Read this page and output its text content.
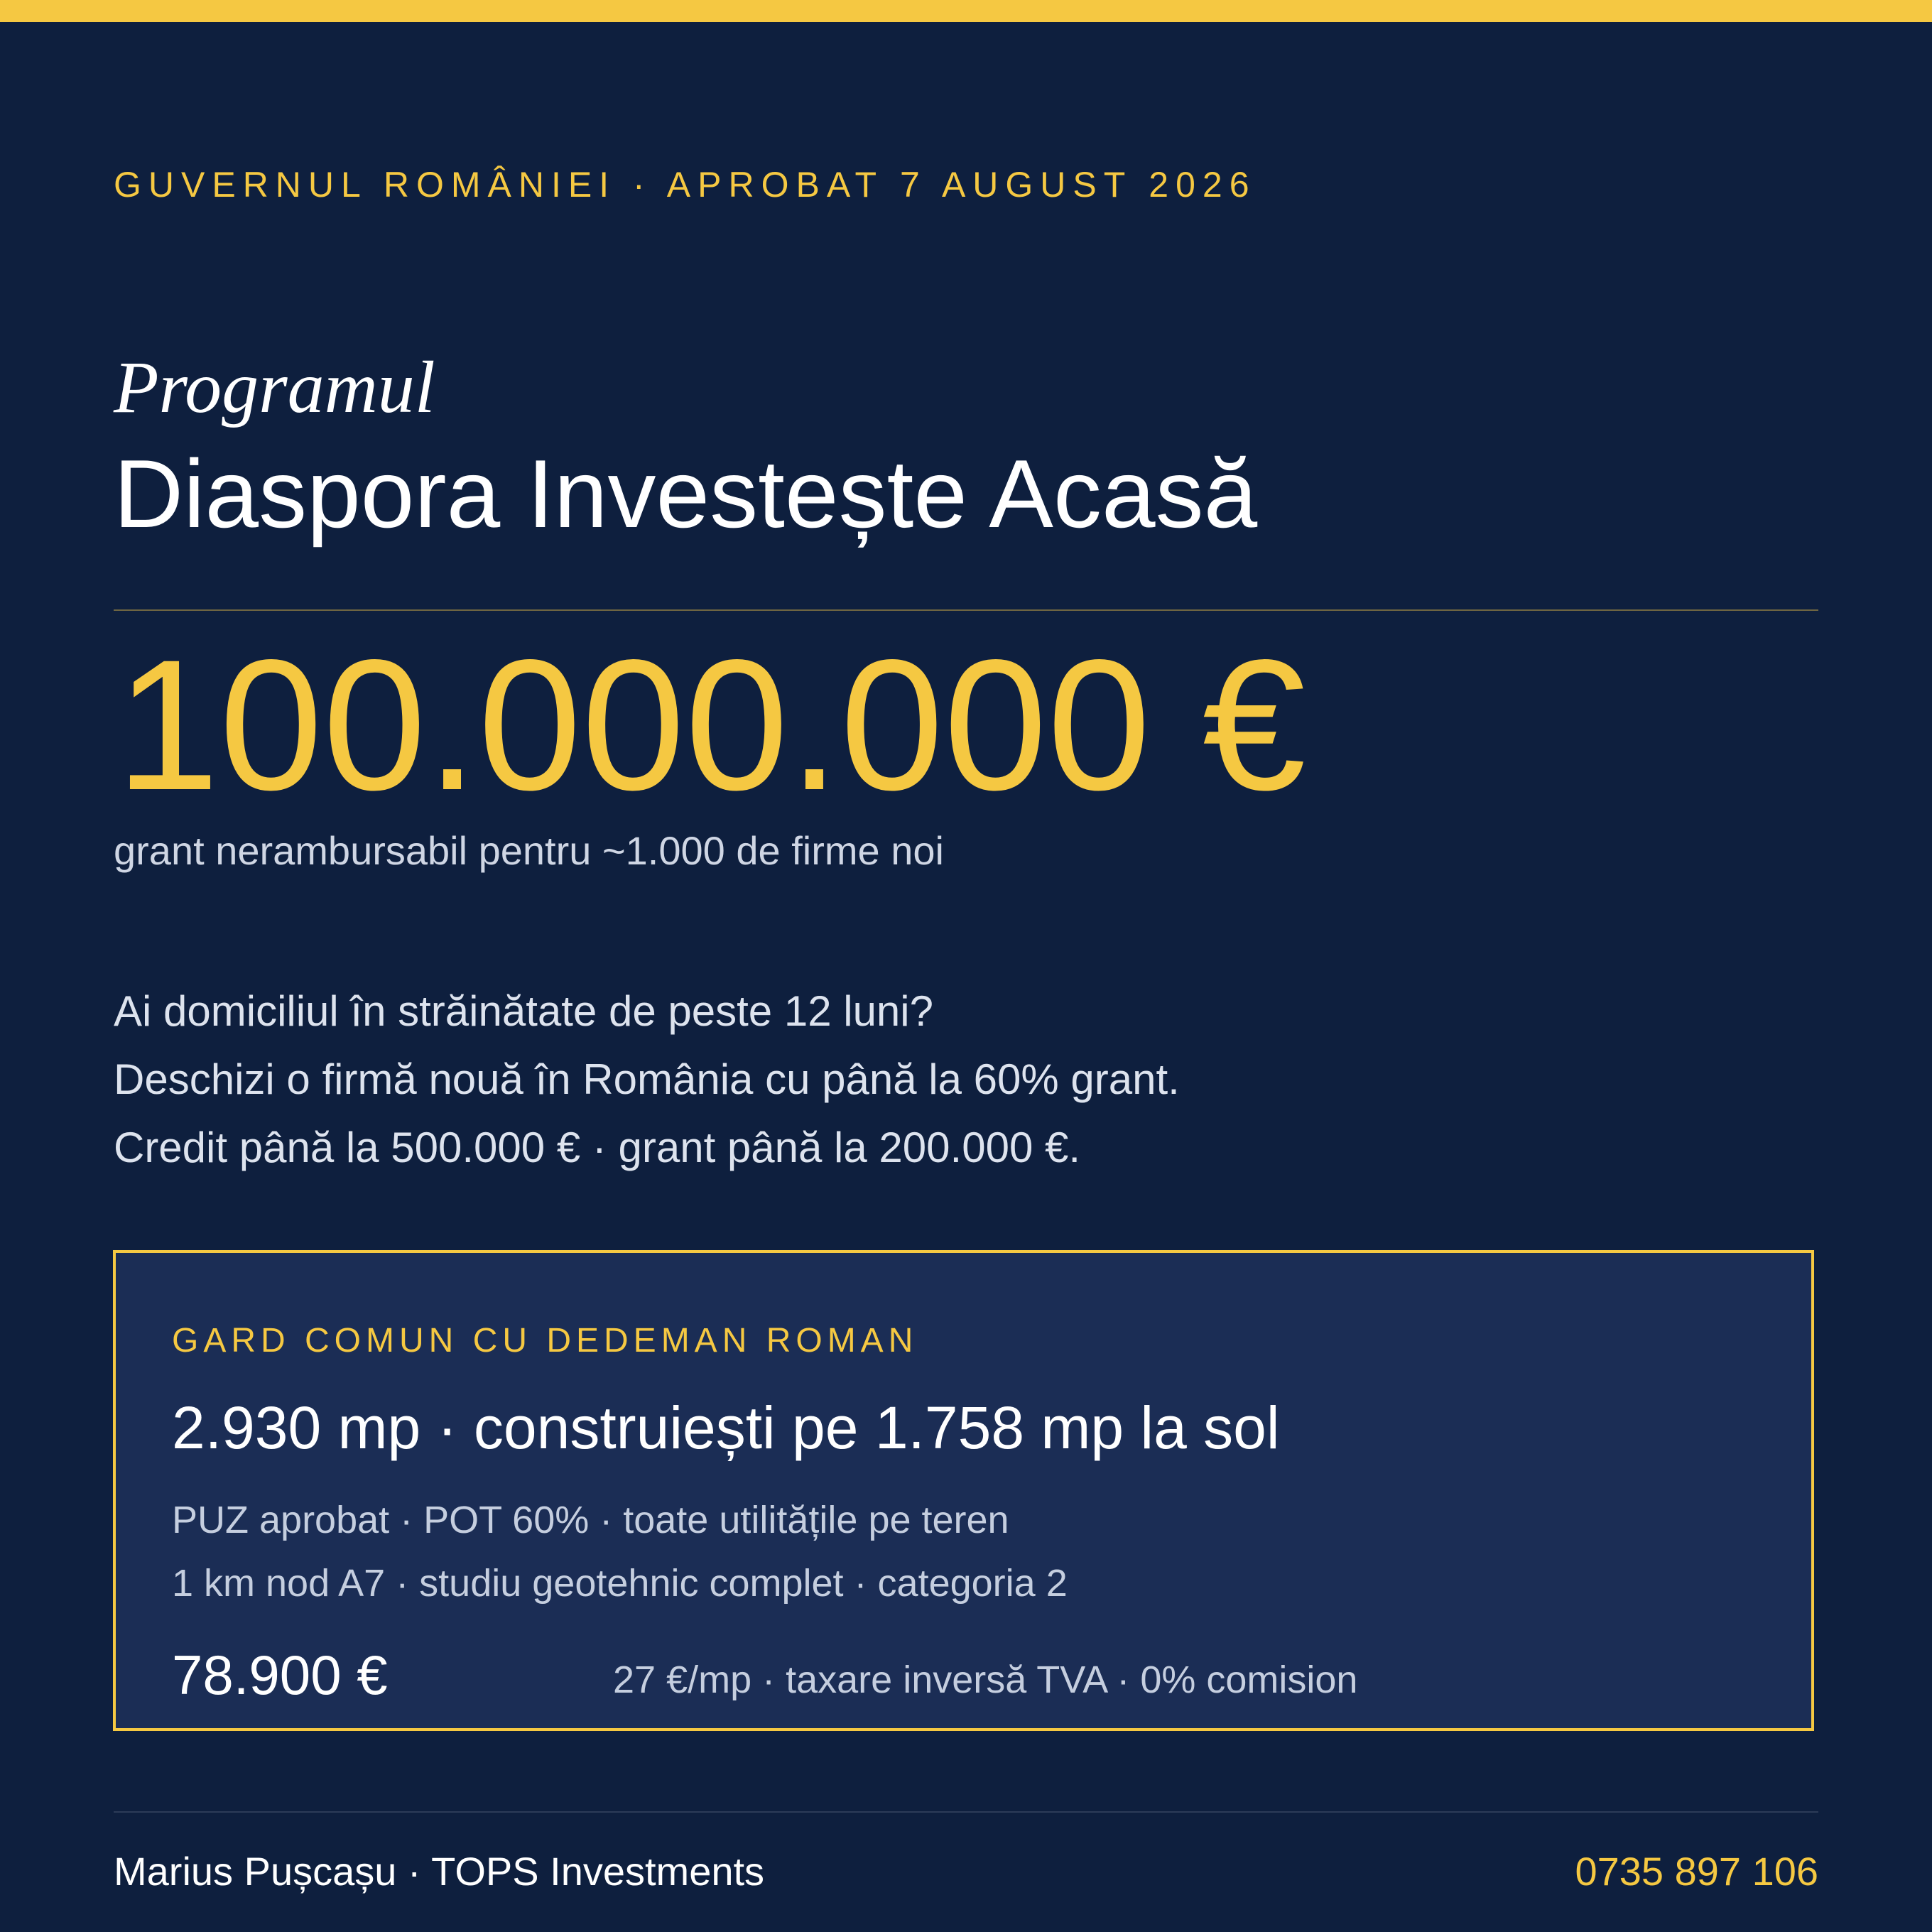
GUVERNUL ROMÂNIEI · APROBAT 7 AUGUST 2026
Programul
Diaspora Investește Acasă
100.000.000 €
grant nerambursabil pentru ~1.000 de firme noi
Ai domiciliul în străinătate de peste 12 luni?
Deschizi o firmă nouă în România cu până la 60% grant.
Credit până la 500.000 € · grant până la 200.000 €.
GARD COMUN CU DEDEMAN ROMAN
2.930 mp · construiești pe 1.758 mp la sol
PUZ aprobat · POT 60% · toate utilitățile pe teren
1 km nod A7 · studiu geotehnic complet · categoria 2
78.900 €	27 €/mp · taxare inversă TVA · 0% comision
Marius Pușcașu · TOPS Investments	0735 897 106
